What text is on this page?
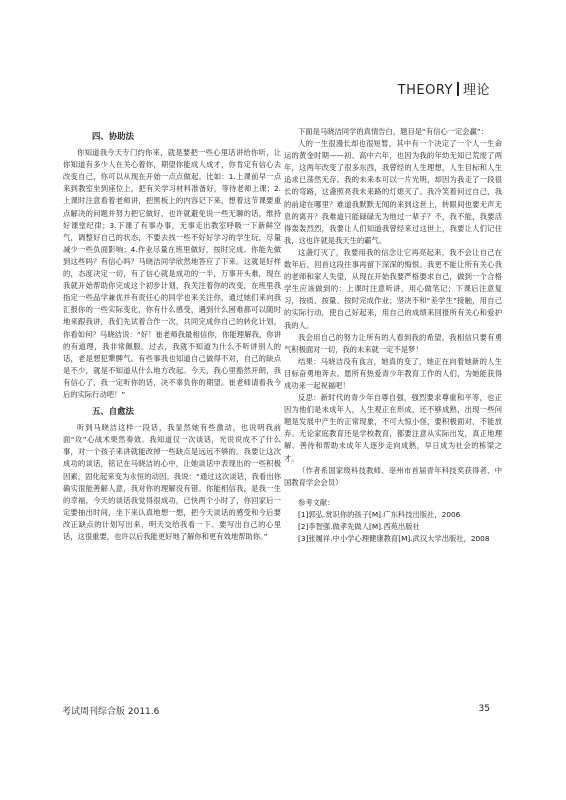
THEORY 理论
四、协助法

你知道我今天专门约你来，就是要把一些心里话讲给你听，让你知道有多少人在关心着你，期望你能成人成才，你肯定有信心去改变自己，你可以从现在开始一点点做起。比如：1.上课前早一点来到教室坐到座位上，把有关学习材料准备好，等待老师上课；2.上课时注意看着老师讲，把黑板上的内容记下来，想着这节课要重点解决的问题并努力把它做好，也许就避免说一些无聊的话，维持好课堂纪律；3.下课了有事办事，无事走出教室呼吸一下新鲜空气，调整好自己的状态，不要去找一些不好好学习的学生玩，尽量减少一些负面影响；4.作业尽量在班里做好，按时完成。你能先做到这些吗？有信心吗？马晓洁同学欣然地答应了下来。这就是好样的，态度决定一切，有了信心就是成功的一半，万事开头难，现在我就开始帮助你完成这个初步计划，我关注着你的改变，在班里我指定一些品学兼优并有责任心的同学也来关注你，通过她们来向我汇报你的一些实际变化，你有什么感受，遇到什么困难都可以随时地来跟我讲，我们先试着合作一次，共同完成你自己的转化计划，你看如何？马晓洁说：“好！崔老师我最相信你，你能理解我，你讲的有道理，我非常佩服。过去，我就不知道为什么不听讲别人的话，老是想犯犟脾气。有些事我也知道自己做得不对，自己的缺点是不少，就是不知道从什么地方改起。今天，我心里豁然开朗，我有信心了，我一定听你的话，决不辜负你的期望。崔老师请看我今后的实际行动吧！”

五、自愈法

听到马晓洁这样一段话，我显然她有些激动，也说明我前面“攻”心战术果然奏效。我知道仅一次谈话，光说说成不了什么事，对一个孩子来讲就能改掉一些缺点是远远不够的。我要让这次成功的谈话，铭记在马晓洁的心中，让她谈话中表现出的一些积极因素，固化起来变为永恒的动因。我说：“通过这次谈话，我看出你确实很能善解人意，我对你的理解没有错。你能相信我，是我一生的幸福，今天的谈话我觉得很成功，已快两个小时了，你回家后一定要抽出时间，坐下来认真地想一想，把今天谈话的感受和今后要改正缺点的计划写出来，明天交给我看一下。要写出自己的心里话，这很重要，也许以后我能更好地了解你和更有效地帮助你。”

下面是马晓洁同学的真情告白，题目是“有信心一定会赢”：

人的一生很漫长却也很短暂，其中有一个决定了一个人一生命运的黄金时期——初、高中六年，也因为我的年幼无知已荒废了两年，这两年改变了很多东西，我曾经的人生理想，人生目标和人生追求已荡然无存。我的未来本可以一片光明，却因为我走了一段很长的弯路，这盏照亮我未来路的灯熄灭了。我冷笑着问过自己，我的前途在哪里？难道我默默无闻的来到这世上，转眼间也要无声无息的离开？我难道只能碌碌无为地过一辈子？不，我不能，我要活得轰轰烈烈，我要让人们知道我曾经来过这世上，我要让人们记住我，这也许就是我天生的霸气。

这盏灯灭了，我要用我的信念让它再亮起来，我不会让自己在数年后，回首这段往事再留下深深的悔恨。我更不能让所有关心我的老师和家人失望，从现在开始我要严格要求自己，做到一个合格学生应该做到的：上课时注意听讲，用心做笔记；下课后注意复习，按质、按量、按时完成作业；坚决不和“差学生”接触，用自己的实际行动，使自己好起来，用自己的成绩来回报所有关心和爱护我的人。

我会用自己的努力让所有的人看到我的希望。我相信只要有勇气积极面对一切，我的未来就一定不是梦！

结果：马晓洁没有食言，她真的变了，她正在向着她新的人生目标奋勇地奔去。愿所有热爱青少年教育工作的人们，为她能获得成功来一起祝福吧！

反思：新时代的青少年自尊自强，强烈要求尊重和平等，也正因为他们是未成年人，人生观正在形成，还不够成熟，出现一些问题是发展中产生的正常现象，不可大惊小怪，要积极面对，不能放弃。无论家庭教育还是学校教育，都要注意从实际出发，真正地理解、善待和帮助未成年人逐步走向成熟，早日成为社会的栋梁之才。

（作者系国家级科技教师、亳州市首届青年科技奖获得者、中国教育学会会员）

参考文献：

[1]郭弘.赏识你的孩子[M].广东科技出版社，2006

[2]李智强.做孝先做人[M].西苑出版社

[3]张履祥.中小学心理健康教育[M].武汉大学出版社，2008

考试周刊综合版 2011.6	35
